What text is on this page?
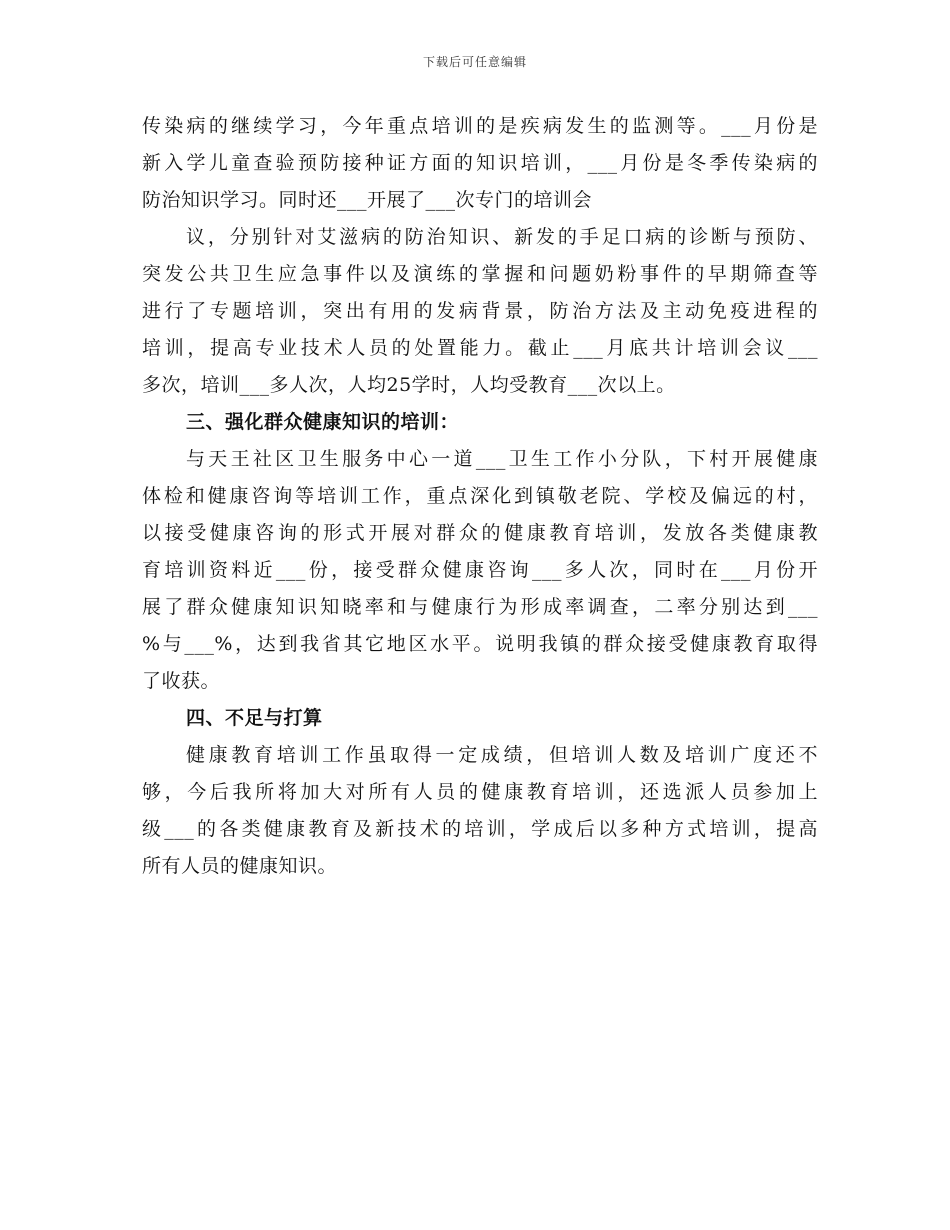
下载后可任意编辑
传染病的继续学习，今年重点培训的是疾病发生的监测等。___月份是
新入学儿童查验预防接种证方面的知识培训，___月份是冬季传染病的
防治知识学习。同时还___开展了___次专门的培训会
议，分别针对艾滋病的防治知识、新发的手足口病的诊断与预防、
突发公共卫生应急事件以及演练的掌握和问题奶粉事件的早期筛查等
进行了专题培训，突出有用的发病背景，防治方法及主动免疫进程的
培训，提高专业技术人员的处置能力。截止___月底共计培训会议___
多次，培训___多人次，人均25学时，人均受教育___次以上。
三、强化群众健康知识的培训：
与天王社区卫生服务中心一道___卫生工作小分队，下村开展健康
体检和健康咨询等培训工作，重点深化到镇敬老院、学校及偏远的村，
以接受健康咨询的形式开展对群众的健康教育培训，发放各类健康教
育培训资料近___份，接受群众健康咨询___多人次，同时在___月份开
展了群众健康知识知晓率和与健康行为形成率调查，二率分别达到___
%与___%，达到我省其它地区水平。说明我镇的群众接受健康教育取得
了收获。
四、不足与打算
健康教育培训工作虽取得一定成绩，但培训人数及培训广度还不
够，今后我所将加大对所有人员的健康教育培训，还选派人员参加上
级___的各类健康教育及新技术的培训，学成后以多种方式培训，提高
所有人员的健康知识。
